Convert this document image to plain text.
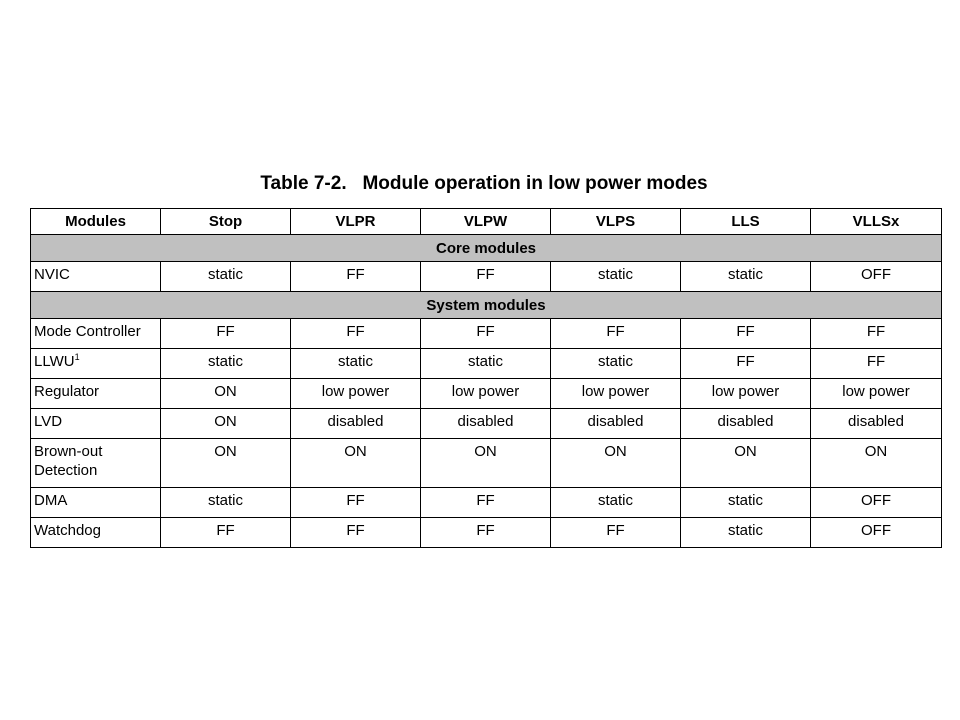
Table 7-2. Module operation in low power modes
Modules	Stop	VLPR	VLPW	VLPS	LLS	VLLSx
Core modules						
NVIC	static	FF	FF	static	static	OFF
System modules						
Mode Controller	FF	FF	FF	FF	FF	FF
LLWU$^1$	static	static	static	static	FF	FF
Regulator	ON	low power	low power	low power	low power	low power
LVD	ON	disabled	disabled	disabled	disabled	disabled
Brown-out Detection	ON	ON	ON	ON	ON	ON
DMA	static	FF	FF	static	static	OFF
Watchdog	FF	FF	FF	FF	static	OFF
